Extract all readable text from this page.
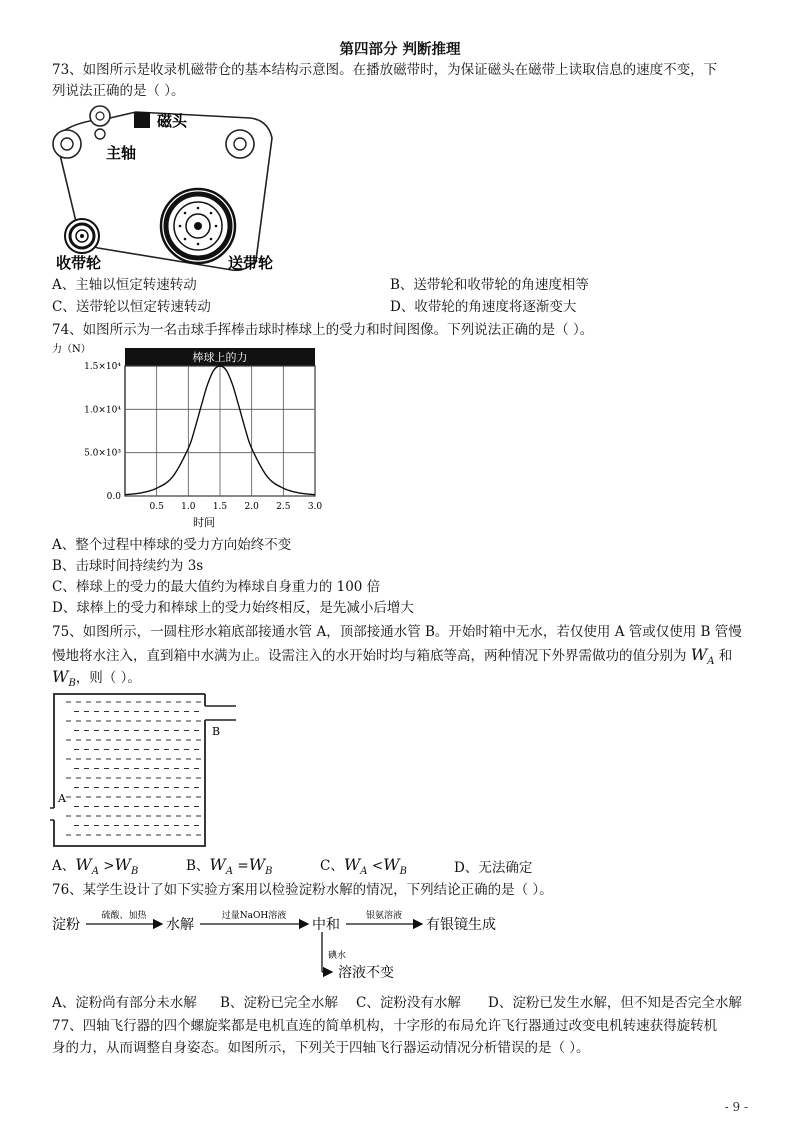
第四部分 判断推理
73、如图所示是收录机磁带仓的基本结构示意图。在播放磁带时，为保证磁头在磁带上读取信息的速度不变，下
列说法正确的是（ ）。
磁头
主轴
收带轮	送带轮
A、主轴以恒定转速转动	B、送带轮和收带轮的角速度相等
C、送带轮以恒定转速转动	D、收带轮的角速度将逐渐变大
74、如图所示为一名击球手挥棒击球时棒球上的受力和时间图像。下列说法正确的是（ ）。
力（N）
棒球上的力
0.0
5.0×10³
1.0×10⁴
1.5×10⁴
0.5 1.0 1.5 2.0 2.5 3.0
时间
A、整个过程中棒球的受力方向始终不变
B、击球时间持续约为 3s
C、棒球上的受力的最大值约为棒球自身重力的 100 倍
D、球棒上的受力和棒球上的受力始终相反，是先减小后增大
75、如图所示，一圆柱形水箱底部接通水管 A，顶部接通水管 B。开始时箱中无水，若仅使用 A 管或仅使用 B 管慢
慢地将水注入，直到箱中水满为止。设需注入的水开始时均与箱底等高，两种情况下外界需做功的值分别为 $W_A$ 和
$W_B$，则（ ）。
B
A
A、$W_A >W_B$	B、$W_A =W_B$	C、$W_A <W_B$	D、无法确定
76、某学生设计了如下实验方案用以检验淀粉水解的情况，下列结论正确的是（ ）。
淀粉
硫酸、加热
水解
过量NaOH溶液
中和
银氨溶液
有银镜生成
碘水
溶液不变
A、淀粉尚有部分未水解 B、淀粉已完全水解 C、淀粉没有水解 D、淀粉已发生水解，但不知是否完全水解
77、四轴飞行器的四个螺旋桨都是电机直连的简单机构，十字形的布局允许飞行器通过改变电机转速获得旋转机
身的力，从而调整自身姿态。如图所示，下列关于四轴飞行器运动情况分析错误的是（ ）。
- 9 -
